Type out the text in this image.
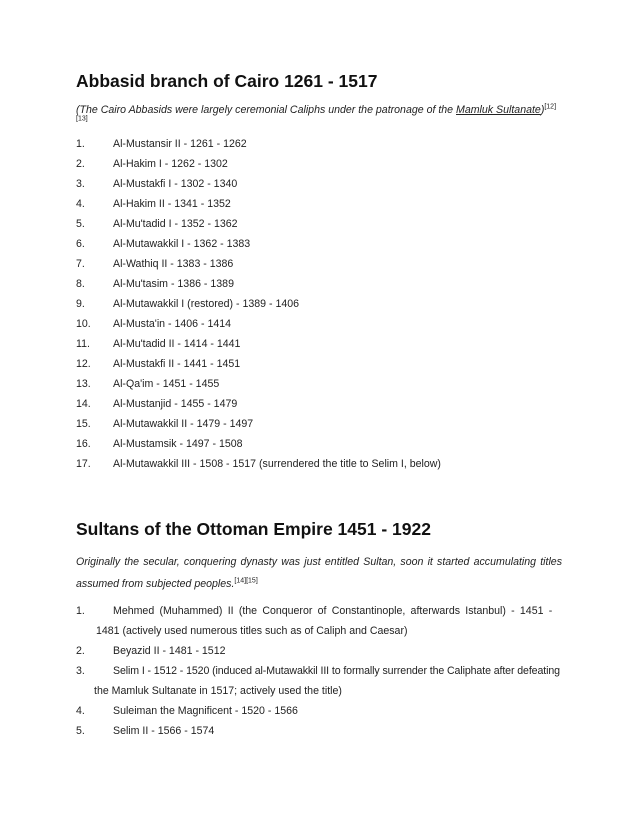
Abbasid branch of Cairo 1261 - 1517
(The Cairo Abbasids were largely ceremonial Caliphs under the patronage of the Mamluk Sultanate)[12][13]
1.	Al-Mustansir II - 1261 - 1262
2.	Al-Hakim I - 1262 - 1302
3.	Al-Mustakfi I - 1302 - 1340
4.	Al-Hakim II - 1341 - 1352
5.	Al-Mu'tadid I - 1352 - 1362
6.	Al-Mutawakkil I - 1362 - 1383
7.	Al-Wathiq II - 1383 - 1386
8.	Al-Mu'tasim - 1386 - 1389
9.	Al-Mutawakkil I (restored) - 1389 - 1406
10. Al-Musta'in - 1406 - 1414
11. Al-Mu'tadid II - 1414 - 1441
12. Al-Mustakfi II - 1441 - 1451
13. Al-Qa'im - 1451 - 1455
14. Al-Mustanjid - 1455 - 1479
15. Al-Mutawakkil II - 1479 - 1497
16. Al-Mustamsik - 1497 - 1508
17. Al-Mutawakkil III - 1508 - 1517 (surrendered the title to Selim I, below)
Sultans of the Ottoman Empire 1451 - 1922
Originally the secular, conquering dynasty was just entitled Sultan, soon it started accumulating titles
assumed from subjected peoples.[14][15]
1.	Mehmed (Muhammed) II (the Conqueror of Constantinople, afterwards Istanbul) - 1451 -
1481 (actively used numerous titles such as of Caliph and Caesar)
2.	Beyazid II - 1481 - 1512
3.	Selim I - 1512 - 1520 (induced al-Mutawakkil III to formally surrender the Caliphate after defeating
the Mamluk Sultanate in 1517; actively used the title)
4.	Suleiman the Magnificent - 1520 - 1566
5.	Selim II - 1566 - 1574
